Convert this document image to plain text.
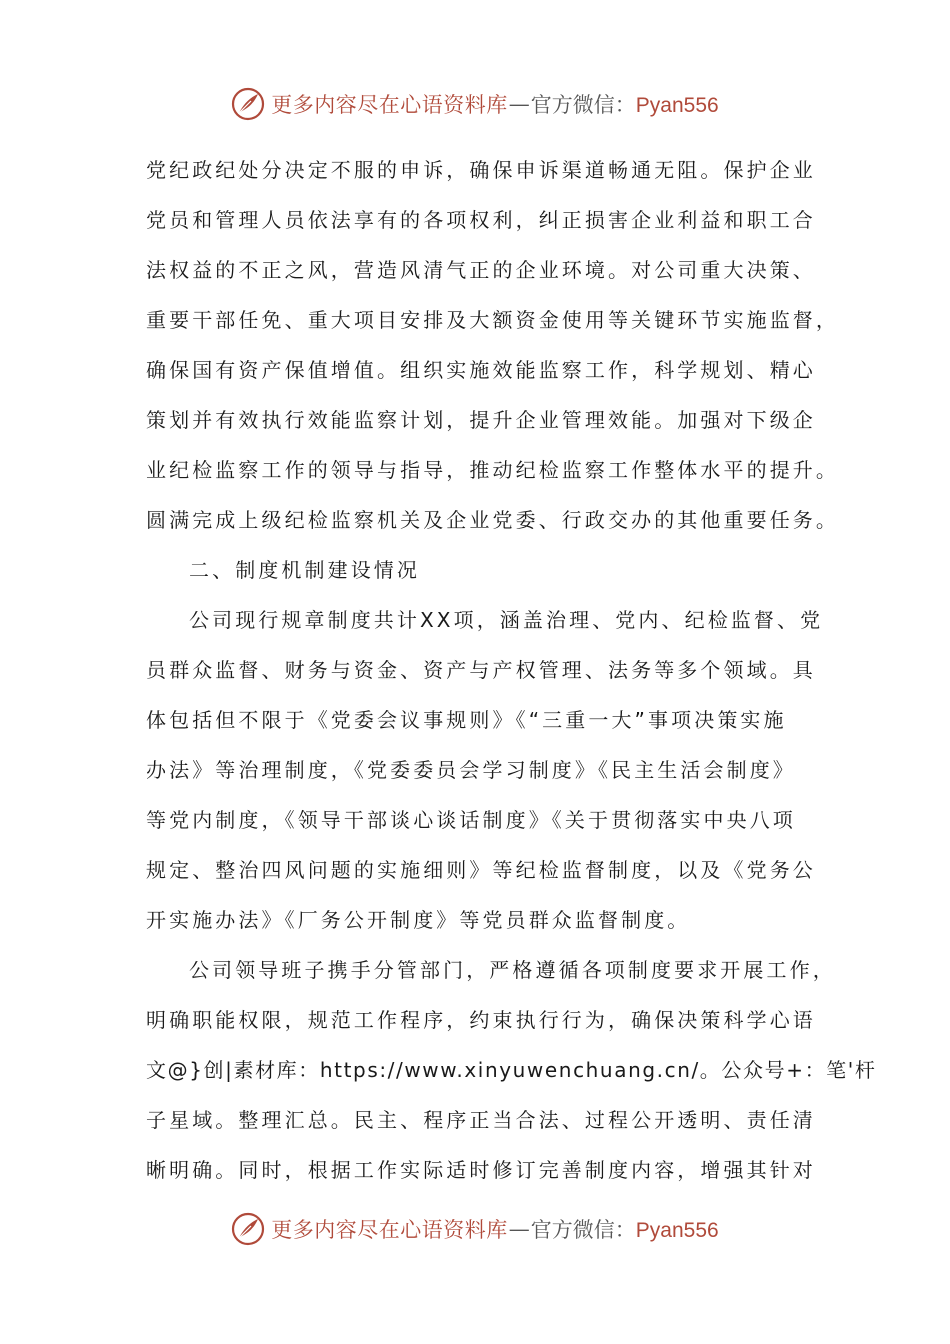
更多内容尽在心语资料库 — 官方微信：Pyan556
党纪政纪处分决定不服的申诉，确保申诉渠道畅通无阻。保护企业
党员和管理人员依法享有的各项权利，纠正损害企业利益和职工合
法权益的不正之风，营造风清气正的企业环境。对公司重大决策、
重要干部任免、重大项目安排及大额资金使用等关键环节实施监督，
确保国有资产保值增值。组织实施效能监察工作，科学规划、精心
策划并有效执行效能监察计划，提升企业管理效能。加强对下级企
业纪检监察工作的领导与指导，推动纪检监察工作整体水平的提升。
圆满完成上级纪检监察机关及企业党委、行政交办的其他重要任务。
二、制度机制建设情况
公司现行规章制度共计XX项，涵盖治理、党内、纪检监督、党
员群众监督、财务与资金、资产与产权管理、法务等多个领域。具
体包括但不限于《党委会议事规则》《“三重一大”事项决策实施
办法》等治理制度，《党委委员会学习制度》《民主生活会制度》
等党内制度，《领导干部谈心谈话制度》《关于贯彻落实中央八项
规定、整治四风问题的实施细则》等纪检监督制度，以及《党务公
开实施办法》《厂务公开制度》等党员群众监督制度。
公司领导班子携手分管部门，严格遵循各项制度要求开展工作，
明确职能权限，规范工作程序，约束执行行为，确保决策科学心语
文@}创|素材库：https://www.xinyuwenchuang.cn/。公众号+：笔'杆
子星域。整理汇总。民主、程序正当合法、过程公开透明、责任清
晰明确。同时，根据工作实际适时修订完善制度内容，增强其针对
更多内容尽在心语资料库 — 官方微信：Pyan556
